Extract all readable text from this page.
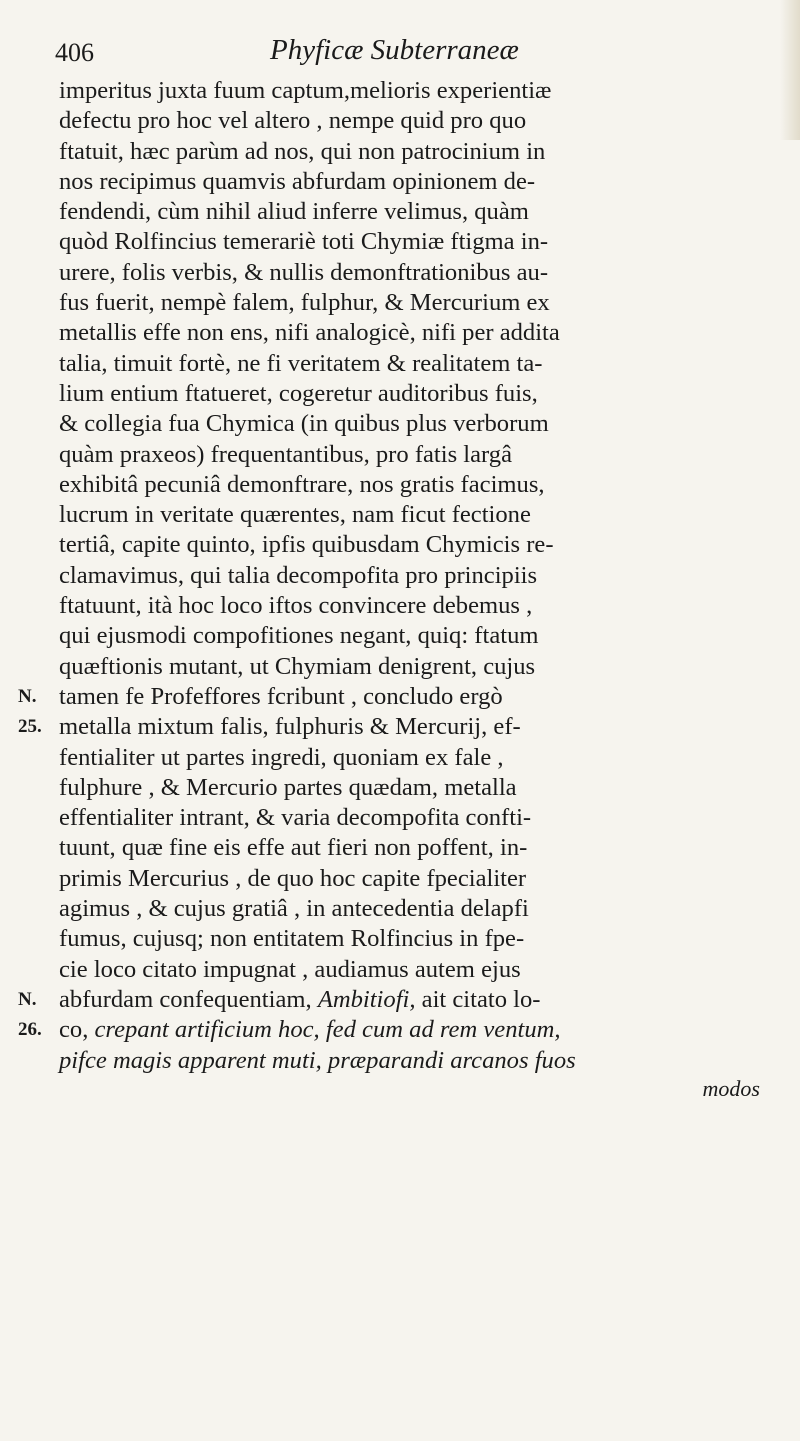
406	Phyficæ Subterraneæ
imperitus juxta fuum captum,melioris experientiæ
defectu pro hoc vel altero , nempe quid pro quo
ftatuit, hæc parùm ad nos, qui non patrocinium in
nos recipimus quamvis abfurdam opinionem de-
fendendi, cùm nihil aliud inferre velimus, quàm
quòd Rolfincius temerariè toti Chymiæ ftigma in-
urere, folis verbis, & nullis demonftrationibus au-
fus fuerit, nempè falem, fulphur, & Mercurium ex
metallis effe non ens, nifi analogicè, nifi per addita
talia, timuit fortè, ne fi veritatem & realitatem ta-
lium entium ftatueret, cogeretur auditoribus fuis,
& collegia fua Chymica (in quibus plus verborum
quàm praxeos) frequentantibus, pro fatis largâ
exhibitâ pecuniâ demonftrare, nos gratis facimus,
lucrum in veritate quærentes, nam ficut fectione
tertiâ, capite quinto, ipfis quibusdam Chymicis re-
clamavimus, qui talia decompofita pro principiis
ftatuunt, ità hoc loco iftos convincere debemus ,
qui ejusmodi compofitiones negant, quiq: ftatum
quæftionis mutant, ut Chymiam denigrent, cujus
N. tamen fe Profeffores fcribunt , concludo ergò
25. metalla mixtum falis, fulphuris & Mercurij, ef-
fentialiter ut partes ingredi, quoniam ex fale ,
fulphure , & Mercurio partes quædam, metalla
effentialiter intrant, & varia decompofita confti-
tuunt, quæ fine eis effe aut fieri non poffent, in-
primis Mercurius , de quo hoc capite fpecialiter
agimus , & cujus gratiâ , in antecedentia delapfi
fumus, cujusq; non entitatem Rolfincius in fpe-
cie loco citato impugnat , audiamus autem ejus
N. abfurdam confequentiam, Ambitiofi, ait citato lo-
26. co, crepant artificium hoc, fed cum ad rem ventum,
pifce magis apparent muti, præparandi arcanos fuos
modos
